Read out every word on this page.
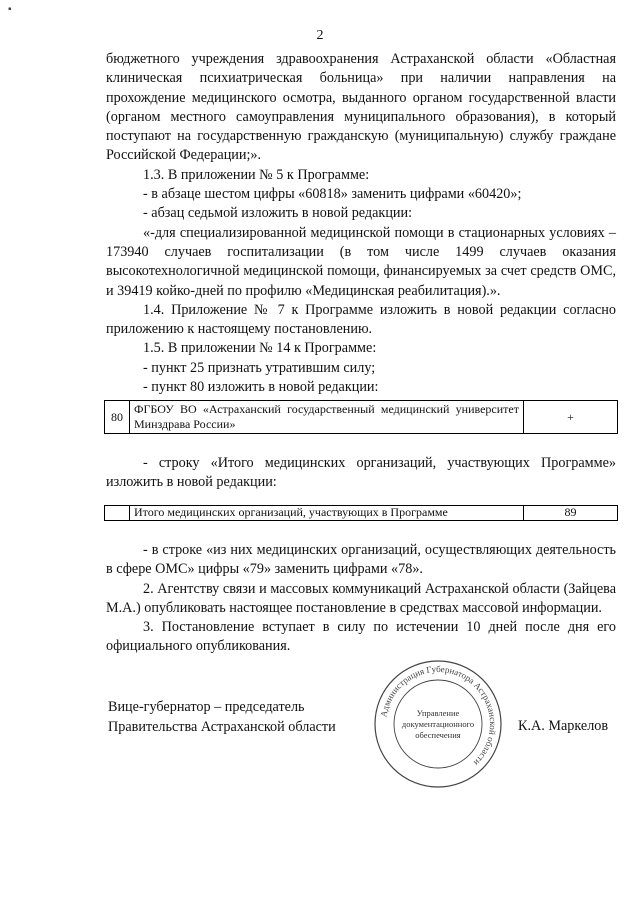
▪
2

бюджетного учреждения здравоохранения Астраханской области «Областная клиническая психиатрическая больница» при наличии направления на прохождение медицинского осмотра, выданного органом государственной власти (органом местного самоуправления муниципального образования), в который поступают на государственную гражданскую (муниципальную) службу граждане Российской Федерации;».

1.3. В приложении № 5 к Программе:

- в абзаце шестом цифры «60818» заменить цифрами «60420»;

- абзац седьмой изложить в новой редакции:

«-для специализированной медицинской помощи в стационарных условиях – 173940 случаев госпитализации (в том числе 1499 случаев оказания высокотехнологичной медицинской помощи, финансируемых за счет средств ОМС, и 39419 койко-дней по профилю «Медицинская реабилитация).».

1.4. Приложение № 7 к Программе изложить в новой редакции согласно приложению к настоящему постановлению.

1.5. В приложении № 14 к Программе:

- пункт 25 признать утратившим силу;

- пункт 80 изложить в новой редакции:

80
ФГБОУ ВО «Астраханский государственный медицинский университет Минздрава России»
+

- строку «Итого медицинских организаций, участвующих Программе» изложить в новой редакции:

Итого медицинских организаций, участвующих в Программе	89

- в строке «из них медицинских организаций, осуществляющих деятельность в сфере ОМС» цифры «79» заменить цифрами «78».

2. Агентству связи и массовых коммуникаций Астраханской области (Зайцева М.А.) опубликовать настоящее постановление в средствах массовой информации.

3. Постановление вступает в силу по истечении 10 дней после дня его официального опубликования.

Вице-губернатор – председатель
Правительства Астраханской области
Администрация Губернатора Астраханской области
Управление
документационного
обеспечения
К.А. Маркелов
